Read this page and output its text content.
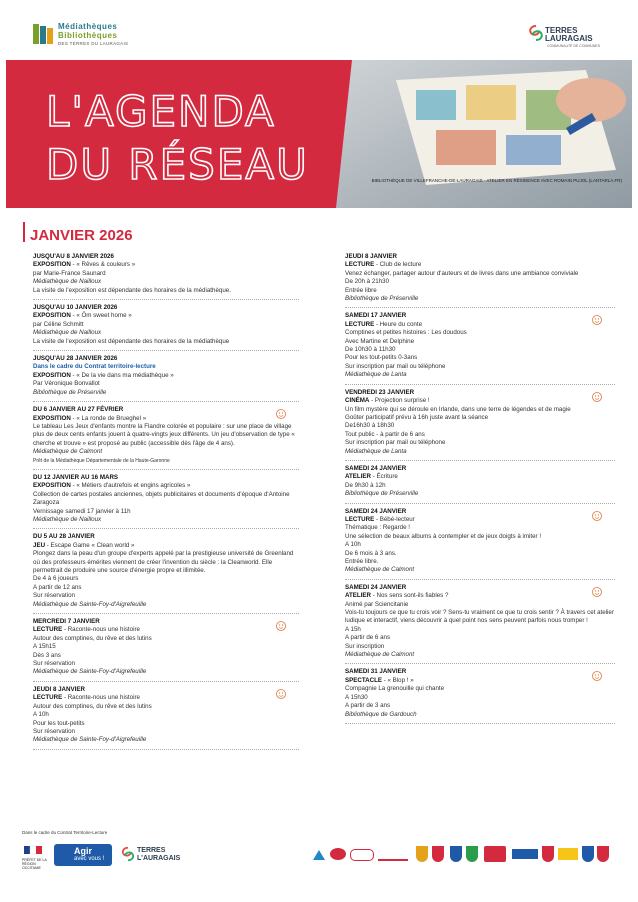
Médiathèques
Bibliothèques
DES TERRES DU LAURAGAIS
TERRES
LAURAGAIS
COMMUNAUTÉ DE COMMUNES
L'AGENDA
DU RÉSEAU	BIBLIOTHÈQUE DE VILLEFRANCHE-DE-LAURAGAIS - ATELIER EN RÉSIDENCE AVEC ROMAIN PUJOL (LANTARLA.FR)
JANVIER 2026
JUSQU'AU 8 JANVIER 2026
EXPOSITION - « Rêves & couleurs »
par Marie-France Saunard
Médiathèque de Nailloux
La visite de l'exposition est dépendante des horaires de la médiathèque.
JUSQU'AU 10 JANVIER 2026
EXPOSITION - « Ôm sweet home »
par Céline Schmitt
Médiathèque de Nailloux
La visite de l'exposition est dépendante des horaires de la médiathèque
JUSQU'AU 28 JANVIER 2026
Dans le cadre du Contrat territoire-lecture
EXPOSITION - « De la vie dans ma médiathèque »
Par Véronique Bonvallot
Bibliothèque de Préserville
DU 6 JANVIER AU 27 FÉVRIER
EXPOSITION - « La ronde de Brueghel »
Le tableau Les Jeux d'enfants montre la Flandre colorée et populaire : sur une place de village plus de deux cents enfants jouent à quatre-vingts jeux différents. Un jeu d'observation de type « cherche et trouve » est proposé au public (accessible dès l'âge de 4 ans).
Médiathèque de Calmont
Prêt de la Médiathèque Départementale de la Haute-Garonne
DU 12 JANVIER AU 16 MARS
EXPOSITION - « Métiers d'autrefois et engins agricoles »
Collection de cartes postales anciennes, objets publicitaires et documents d'époque d'Antoine Zaragoza
Vernissage samedi 17 janvier à 11h
Médiathèque de Nailloux
DU 5 AU 28 JANVIER
JEU - Escape Game « Clean world »
Plongez dans la peau d'un groupe d'experts appelé par la prestigieuse université de Greenland où des professeurs émérites viennent de créer l'invention du siècle : la Cleanworld. Elle permettrait de produire une source d'énergie propre et illimitée.
De 4 à 6 joueurs
A partir de 12 ans
Sur réservation
Médiathèque de Sainte-Foy-d'Aigrefeuille
MERCREDI 7 JANVIER
LECTURE - Raconte-nous une histoire
Autour des comptines, du rêve et des lutins
A 15h15
Dès 3 ans
Sur réservation
Médiathèque de Sainte-Foy-d'Aigrefeuille
JEUDI 8 JANVIER
LECTURE - Raconte-nous une histoire
Autour des comptines, du rêve et des lutins
A 10h
Pour les tout-petits
Sur réservation
Médiathèque de Sainte-Foy-d'Aigrefeuille
JEUDI 8 JANVIER
LECTURE - Club de lecture
Venez échanger, partager autour d'auteurs et de livres dans une ambiance conviviale
De 20h à 21h30
Entrée libre
Bibliothèque de Préserville
SAMEDI 17 JANVIER
LECTURE - Heure du conte
Comptines et petites histoires : Les doudous
Avec Martine et Delphine
De 10h30 à 11h30
Pour les tout-petits 0-3ans
Sur inscription par mail ou téléphone
Médiathèque de Lanta
VENDREDI 23 JANVIER
CINÉMA - Projection surprise !
Un film mystère qui se déroule en Irlande, dans une terre de légendes et de magie
Goûter participatif prévu à 16h juste avant la séance
De16h30 à 18h30
Tout public - à partir de 6 ans
Sur inscription par mail ou téléphone
Médiathèque de Lanta
SAMEDI 24 JANVIER
ATELIER - Écriture
De 9h30 à 12h
Bibliothèque de Préserville
SAMEDI 24 JANVIER
LECTURE - Bébé-lecteur
Thématique : Regarde !
Une sélection de beaux albums à contempler et de jeux doigts à imiter !
A 10h
De 6 mois à 3 ans.
Entrée libre.
Médiathèque de Calmont
SAMEDI 24 JANVIER
ATELIER - Nos sens sont-ils fiables ?
Animé par Sciencitanie
Vois-tu toujours ce que tu crois voir ? Sens-tu vraiment ce que tu crois sentir ? À travers cet atelier ludique et interactif, viens découvrir à quel point nos sens peuvent parfois nous tromper !
A 15h
A partir de 6 ans
Sur inscription
Médiathèque de Calmont
SAMEDI 31 JANVIER
SPECTACLE - « Blop ! »
Compagnie La grenouille qui chante
A 15h30
A partir de 3 ans
Bibliothèque de Gardouch
Dans le cadre du Contrat Territoire-Lecture
PRÉFET DE LA RÉGION OCCITANIE
Agir
avec vous !
TERRES
L'AURAGAIS
